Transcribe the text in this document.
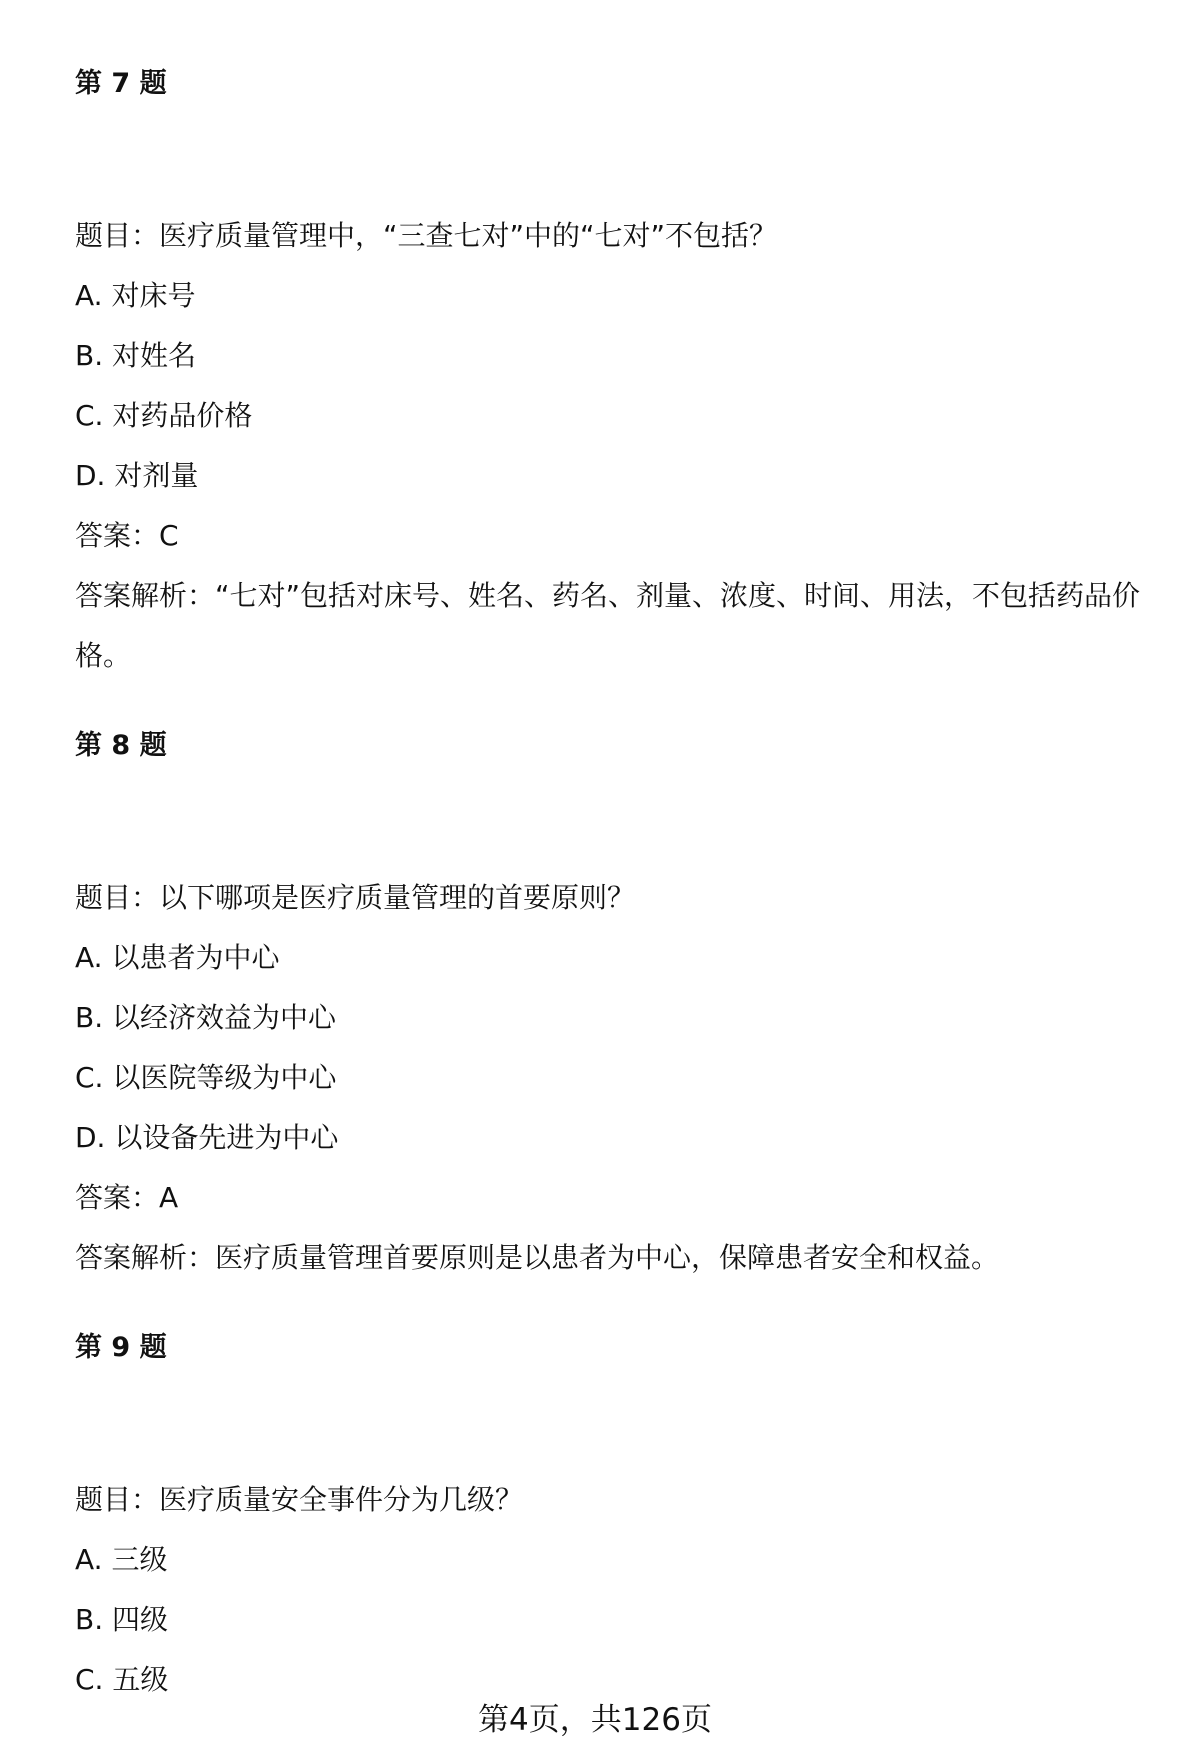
第 7 题
题目：医疗质量管理中，“三查七对”中的“七对”不包括？
A. 对床号
B. 对姓名
C. 对药品价格
D. 对剂量
答案：C
答案解析：“七对”包括对床号、姓名、药名、剂量、浓度、时间、用法，不包括药品价格。
第 8 题
题目：以下哪项是医疗质量管理的首要原则？
A. 以患者为中心
B. 以经济效益为中心
C. 以医院等级为中心
D. 以设备先进为中心
答案：A
答案解析：医疗质量管理首要原则是以患者为中心，保障患者安全和权益。
第 9 题
题目：医疗质量安全事件分为几级？
A. 三级
B. 四级
C. 五级
第4页，共126页
